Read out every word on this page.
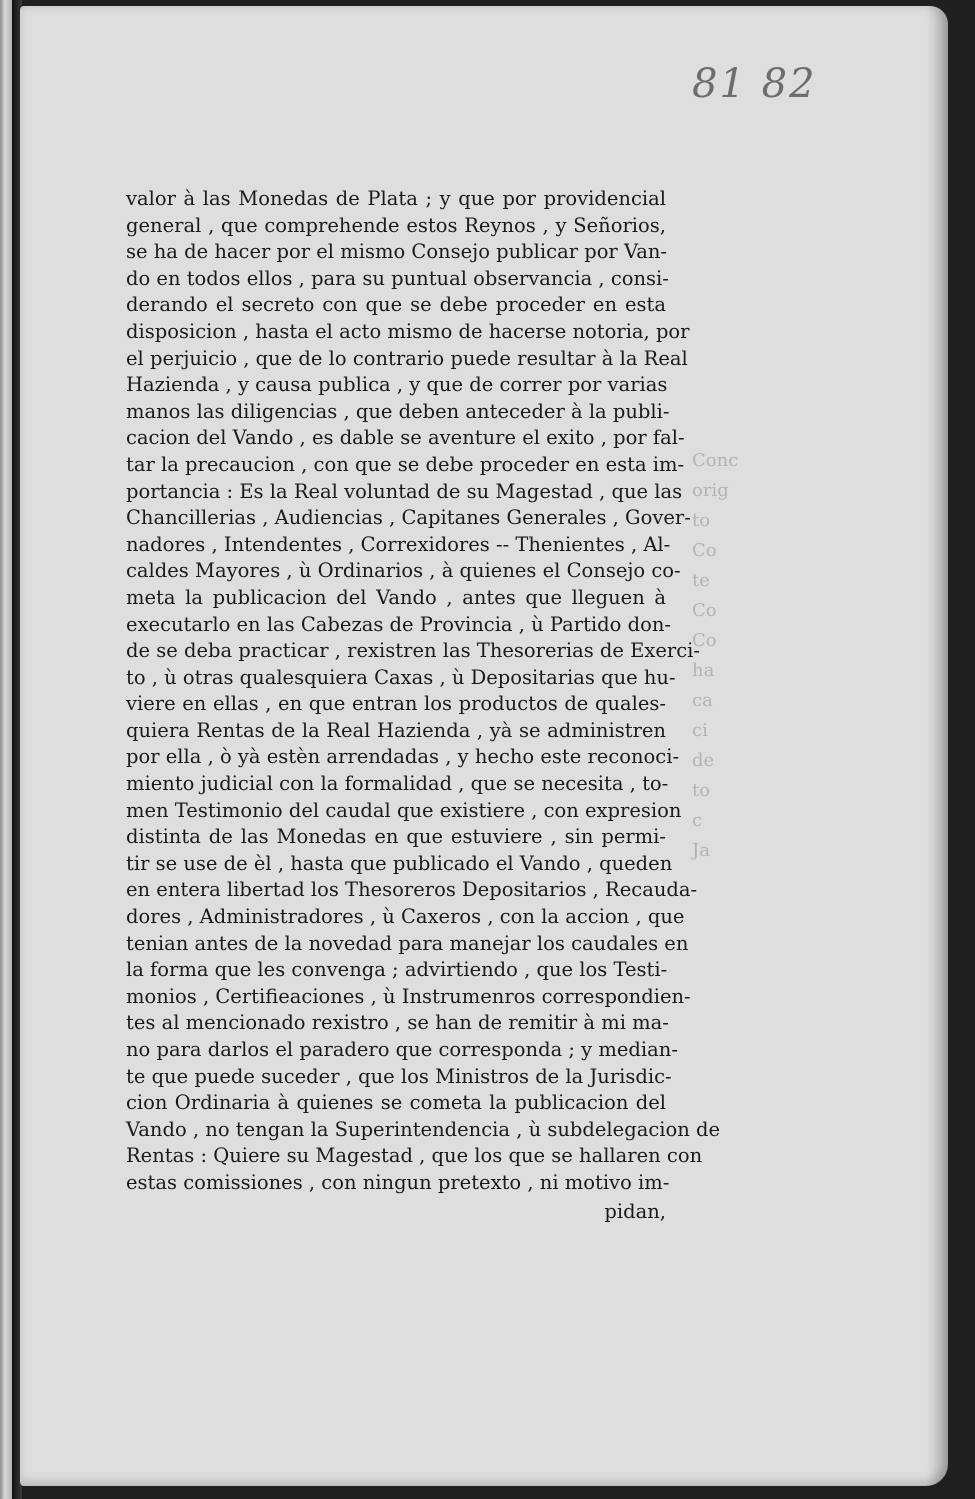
81 82
Conc
orig
to
Co
te
Co
Co
ha
ca
ci
de
to
c
Ja
valor à las Monedas de Plata ; y que por providencial
general , que comprehende estos Reynos , y Señorios,
se ha de hacer por el mismo Consejo publicar por Van-
do en todos ellos , para su puntual observancia , consi-
derando el secreto con que se debe proceder en esta
disposicion , hasta el acto mismo de hacerse notoria, por
el perjuicio , que de lo contrario puede resultar à la Real
Hazienda , y causa publica , y que de correr por varias
manos las diligencias , que deben anteceder à la publi-
cacion del Vando , es dable se aventure el exito , por fal-
tar la precaucion , con que se debe proceder en esta im-
portancia : Es la Real voluntad de su Magestad , que las
Chancillerias , Audiencias , Capitanes Generales , Gover-
nadores , Intendentes , Correxidores -- Thenientes , Al-
caldes Mayores , ù Ordinarios , à quienes el Consejo co-
meta la publicacion del Vando , antes que lleguen à
executarlo en las Cabezas de Provincia , ù Partido don-
de se deba practicar , rexistren las Thesorerias de Exerci-
to , ù otras qualesquiera Caxas , ù Depositarias que hu-
viere en ellas , en que entran los productos de quales-
quiera Rentas de la Real Hazienda , yà se administren
por ella , ò yà estèn arrendadas , y hecho este reconoci-
miento judicial con la formalidad , que se necesita , to-
men Testimonio del caudal que existiere , con expresion
distinta de las Monedas en que estuviere , sin permi-
tir se use de èl , hasta que publicado el Vando , queden
en entera libertad los Thesoreros Depositarios , Recauda-
dores , Administradores , ù Caxeros , con la accion , que
tenian antes de la novedad para manejar los caudales en
la forma que les convenga ; advirtiendo , que los Testi-
monios , Certifieaciones , ù Instrumenros correspondien-
tes al mencionado rexistro , se han de remitir à mi ma-
no para darlos el paradero que corresponda ; y median-
te que puede suceder , que los Ministros de la Jurisdic-
cion Ordinaria à quienes se cometa la publicacion del
Vando , no tengan la Superintendencia , ù subdelegacion de
Rentas : Quiere su Magestad , que los que se hallaren con
estas comissiones , con ningun pretexto , ni motivo im-
pidan,
